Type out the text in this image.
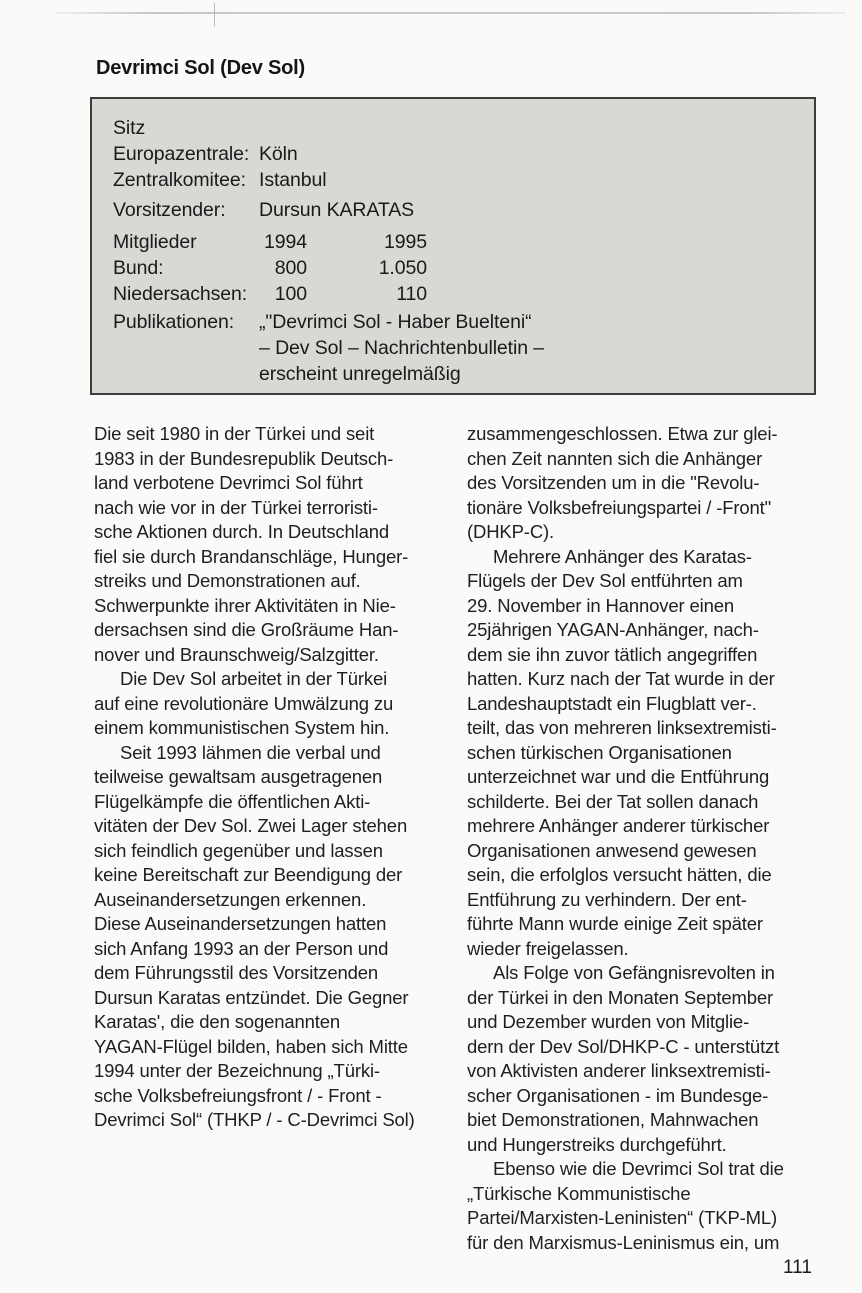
Devrimci Sol (Dev Sol)
Sitz
Europazentrale: Köln
Zentralkomitee: Istanbul
Vorsitzender:	Dursun KARATAS
Mitglieder	1994	1995
Bund:	800	1.050
Niedersachsen:	100	110
Publikationen:	„"Devrimci Sol - Haber Buelteni“
– Dev Sol – Nachrichtenbulletin –
erscheint unregelmäßig
Die seit 1980 in der Türkei und seit
1983 in der Bundesrepublik Deutsch-
land verbotene Devrimci Sol führt
nach wie vor in der Türkei terroristi-
sche Aktionen durch. In Deutschland
fiel sie durch Brandanschläge, Hunger-
streiks und Demonstrationen auf.
Schwerpunkte ihrer Aktivitäten in Nie-
dersachsen sind die Großräume Han-
nover und Braunschweig/Salzgitter.
Die Dev Sol arbeitet in der Türkei
auf eine revolutionäre Umwälzung zu
einem kommunistischen System hin.
Seit 1993 lähmen die verbal und
teilweise gewaltsam ausgetragenen
Flügelkämpfe die öffentlichen Akti-
vitäten der Dev Sol. Zwei Lager stehen
sich feindlich gegenüber und lassen
keine Bereitschaft zur Beendigung der
Auseinandersetzungen erkennen.
Diese Auseinandersetzungen hatten
sich Anfang 1993 an der Person und
dem Führungsstil des Vorsitzenden
Dursun Karatas entzündet. Die Gegner
Karatas', die den sogenannten
YAGAN-Flügel bilden, haben sich Mitte
1994 unter der Bezeichnung „Türki-
sche Volksbefreiungsfront / - Front -
Devrimci Sol“ (THKP / - C-Devrimci Sol)
zusammengeschlossen. Etwa zur glei-
chen Zeit nannten sich die Anhänger
des Vorsitzenden um in die "Revolu-
tionäre Volksbefreiungspartei / -Front"
(DHKP-C).
Mehrere Anhänger des Karatas-
Flügels der Dev Sol entführten am
29. November in Hannover einen
25jährigen YAGAN-Anhänger, nach-
dem sie ihn zuvor tätlich angegriffen
hatten. Kurz nach der Tat wurde in der
Landeshauptstadt ein Flugblatt ver-.
teilt, das von mehreren linksextremisti-
schen türkischen Organisationen
unterzeichnet war und die Entführung
schilderte. Bei der Tat sollen danach
mehrere Anhänger anderer türkischer
Organisationen anwesend gewesen
sein, die erfolglos versucht hätten, die
Entführung zu verhindern. Der ent-
führte Mann wurde einige Zeit später
wieder freigelassen.
Als Folge von Gefängnisrevolten in
der Türkei in den Monaten September
und Dezember wurden von Mitglie-
dern der Dev Sol/DHKP-C - unterstützt
von Aktivisten anderer linksextremisti-
scher Organisationen - im Bundesge-
biet Demonstrationen, Mahnwachen
und Hungerstreiks durchgeführt.
Ebenso wie die Devrimci Sol trat die
„Türkische Kommunistische
Partei/Marxisten-Leninisten“ (TKP-ML)
für den Marxismus-Leninismus ein, um
111
